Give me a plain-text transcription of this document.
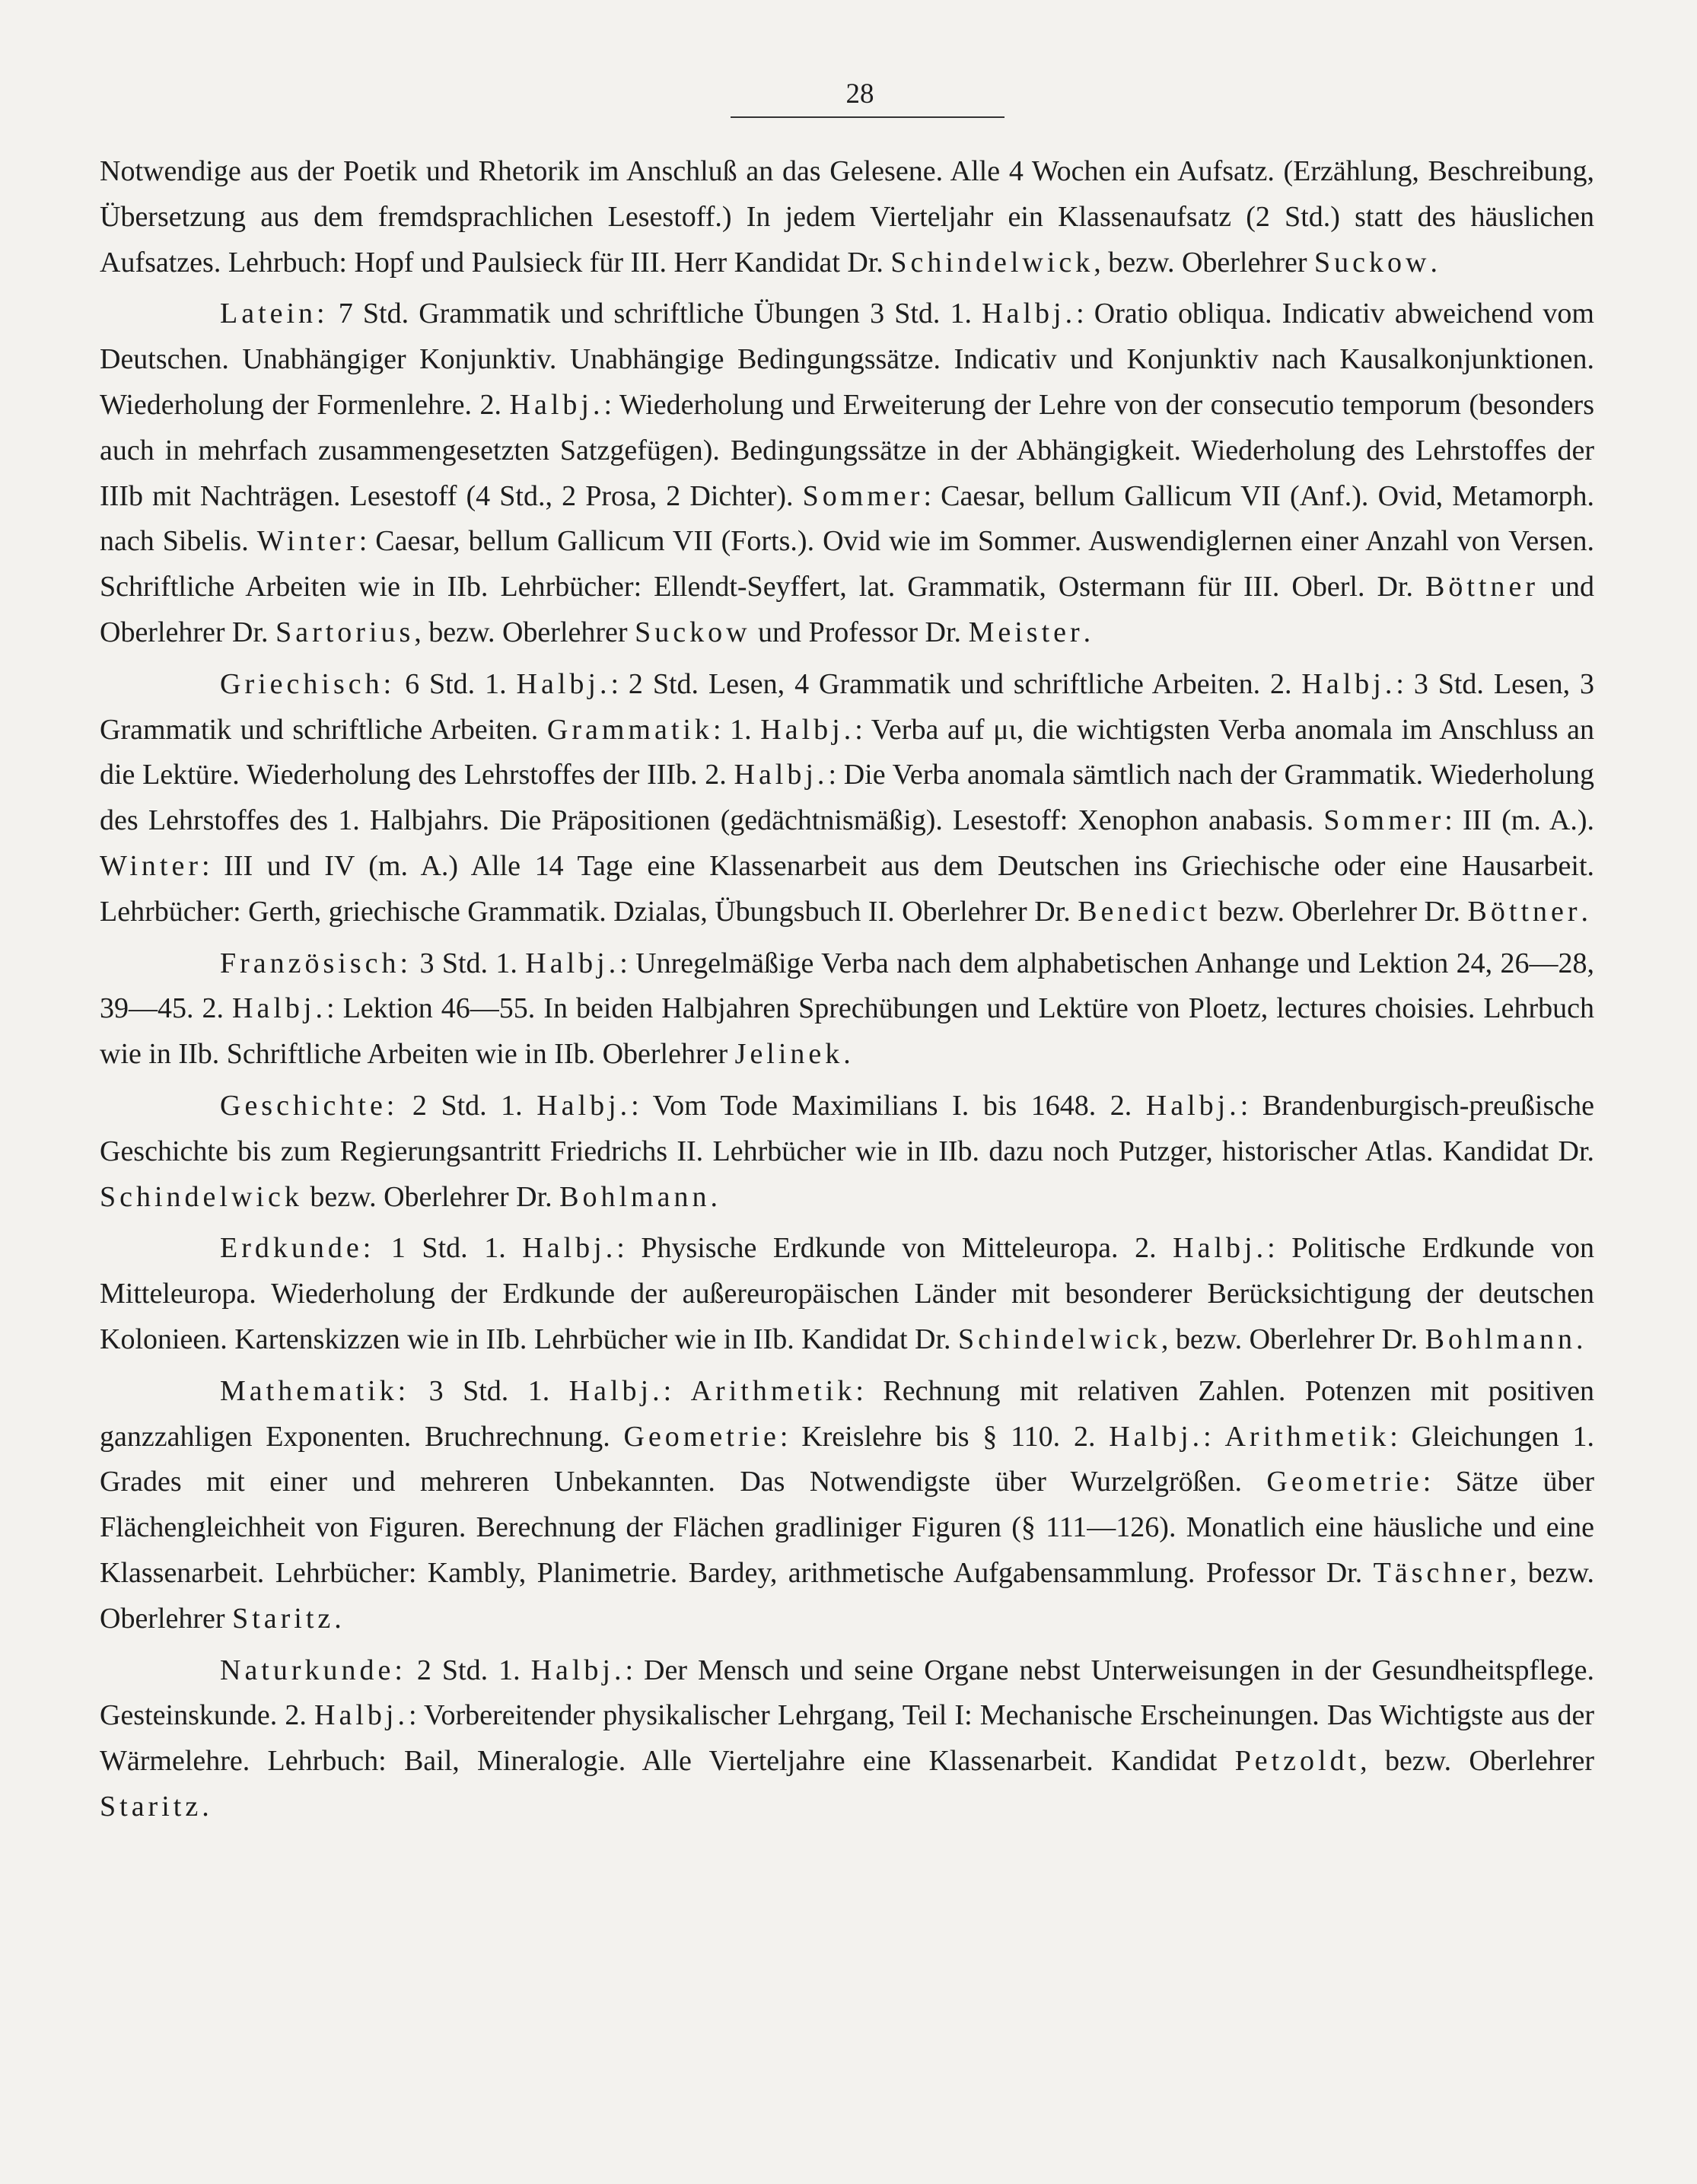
28

Notwendige aus der Poetik und Rhetorik im Anschluß an das Gelesene. Alle 4 Wochen ein Aufsatz. (Erzählung, Beschreibung, Übersetzung aus dem fremdsprachlichen Lesestoff.) In jedem Vierteljahr ein Klassenaufsatz (2 Std.) statt des häuslichen Aufsatzes. Lehrbuch: Hopf und Paulsieck für III. Herr Kandidat Dr. Schindelwick, bezw. Oberlehrer Suckow.

Latein: 7 Std. Grammatik und schriftliche Übungen 3 Std. 1. Halbj.: Oratio obliqua. Indicativ abweichend vom Deutschen. Unabhängiger Konjunktiv. Unabhängige Bedingungssätze. Indicativ und Konjunktiv nach Kausalkonjunktionen. Wiederholung der Formenlehre. 2. Halbj.: Wiederholung und Erweiterung der Lehre von der consecutio temporum (besonders auch in mehrfach zusammengesetzten Satzgefügen). Bedingungssätze in der Abhängigkeit. Wiederholung des Lehrstoffes der IIIb mit Nachträgen. Lesestoff (4 Std., 2 Prosa, 2 Dichter). Sommer: Caesar, bellum Gallicum VII (Anf.). Ovid, Metamorph. nach Sibelis. Winter: Caesar, bellum Gallicum VII (Forts.). Ovid wie im Sommer. Auswendiglernen einer Anzahl von Versen. Schriftliche Arbeiten wie in IIb. Lehrbücher: Ellendt-Seyffert, lat. Grammatik, Ostermann für III. Oberl. Dr. Böttner und Oberlehrer Dr. Sartorius, bezw. Oberlehrer Suckow und Professor Dr. Meister.

Griechisch: 6 Std. 1. Halbj.: 2 Std. Lesen, 4 Grammatik und schriftliche Arbeiten. 2. Halbj.: 3 Std. Lesen, 3 Grammatik und schriftliche Arbeiten. Grammatik: 1. Halbj.: Verba auf μι, die wichtigsten Verba anomala im Anschluss an die Lektüre. Wiederholung des Lehrstoffes der IIIb. 2. Halbj.: Die Verba anomala sämtlich nach der Grammatik. Wiederholung des Lehrstoffes des 1. Halbjahrs. Die Präpositionen (gedächtnismäßig). Lesestoff: Xenophon anabasis. Sommer: III (m. A.). Winter: III und IV (m. A.) Alle 14 Tage eine Klassenarbeit aus dem Deutschen ins Griechische oder eine Hausarbeit. Lehrbücher: Gerth, griechische Grammatik. Dzialas, Übungsbuch II. Oberlehrer Dr. Benedict bezw. Oberlehrer Dr. Böttner.

Französisch: 3 Std. 1. Halbj.: Unregelmäßige Verba nach dem alphabetischen Anhange und Lektion 24, 26—28, 39—45. 2. Halbj.: Lektion 46—55. In beiden Halbjahren Sprechübungen und Lektüre von Ploetz, lectures choisies. Lehrbuch wie in IIb. Schriftliche Arbeiten wie in IIb. Oberlehrer Jelinek.

Geschichte: 2 Std. 1. Halbj.: Vom Tode Maximilians I. bis 1648. 2. Halbj.: Brandenburgisch-preußische Geschichte bis zum Regierungsantritt Friedrichs II. Lehrbücher wie in IIb. dazu noch Putzger, historischer Atlas. Kandidat Dr. Schindelwick bezw. Oberlehrer Dr. Bohlmann.

Erdkunde: 1 Std. 1. Halbj.: Physische Erdkunde von Mitteleuropa. 2. Halbj.: Politische Erdkunde von Mitteleuropa. Wiederholung der Erdkunde der außereuropäischen Länder mit besonderer Berücksichtigung der deutschen Kolonieen. Kartenskizzen wie in IIb. Lehrbücher wie in IIb. Kandidat Dr. Schindelwick, bezw. Oberlehrer Dr. Bohlmann.

Mathematik: 3 Std. 1. Halbj.: Arithmetik: Rechnung mit relativen Zahlen. Potenzen mit positiven ganzzahligen Exponenten. Bruchrechnung. Geometrie: Kreislehre bis § 110. 2. Halbj.: Arithmetik: Gleichungen 1. Grades mit einer und mehreren Unbekannten. Das Notwendigste über Wurzelgrößen. Geometrie: Sätze über Flächengleichheit von Figuren. Berechnung der Flächen gradliniger Figuren (§ 111—126). Monatlich eine häusliche und eine Klassenarbeit. Lehrbücher: Kambly, Planimetrie. Bardey, arithmetische Aufgabensammlung. Professor Dr. Täschner, bezw. Oberlehrer Staritz.

Naturkunde: 2 Std. 1. Halbj.: Der Mensch und seine Organe nebst Unterweisungen in der Gesundheitspflege. Gesteinskunde. 2. Halbj.: Vorbereitender physikalischer Lehrgang, Teil I: Mechanische Erscheinungen. Das Wichtigste aus der Wärmelehre. Lehrbuch: Bail, Mineralogie. Alle Vierteljahre eine Klassenarbeit. Kandidat Petzoldt, bezw. Oberlehrer Staritz.
